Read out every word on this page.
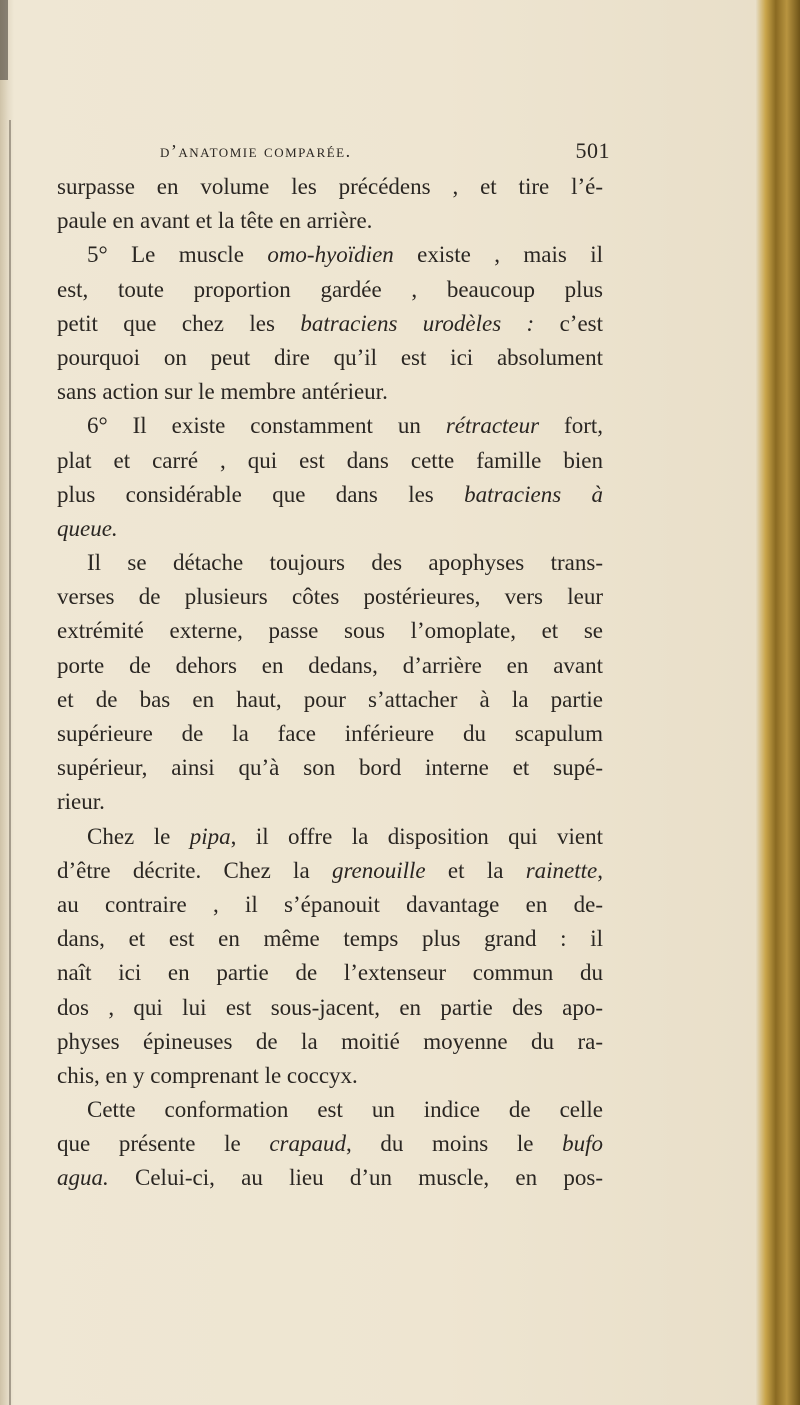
d’anatomie comparée.	501
surpasse en volume les précédens , et tire l’é-
paule en avant et la tête en arrière.
5° Le muscle omo-hyoïdien existe , mais il
est, toute proportion gardée , beaucoup plus
petit que chez les batraciens urodèles : c’est
pourquoi on peut dire qu’il est ici absolument
sans action sur le membre antérieur.
6° Il existe constamment un rétracteur fort,
plat et carré , qui est dans cette famille bien
plus considérable que dans les batraciens à
queue.
Il se détache toujours des apophyses trans-
verses de plusieurs côtes postérieures, vers leur
extrémité externe, passe sous l’omoplate, et se
porte de dehors en dedans, d’arrière en avant
et de bas en haut, pour s’attacher à la partie
supérieure de la face inférieure du scapulum
supérieur, ainsi qu’à son bord interne et supé-
rieur.
Chez le pipa, il offre la disposition qui vient
d’être décrite. Chez la grenouille et la rainette,
au contraire , il s’épanouit davantage en de-
dans, et est en même temps plus grand : il
naît ici en partie de l’extenseur commun du
dos , qui lui est sous-jacent, en partie des apo-
physes épineuses de la moitié moyenne du ra-
chis, en y comprenant le coccyx.
Cette conformation est un indice de celle
que présente le crapaud, du moins le bufo
agua. Celui-ci, au lieu d’un muscle, en pos-
